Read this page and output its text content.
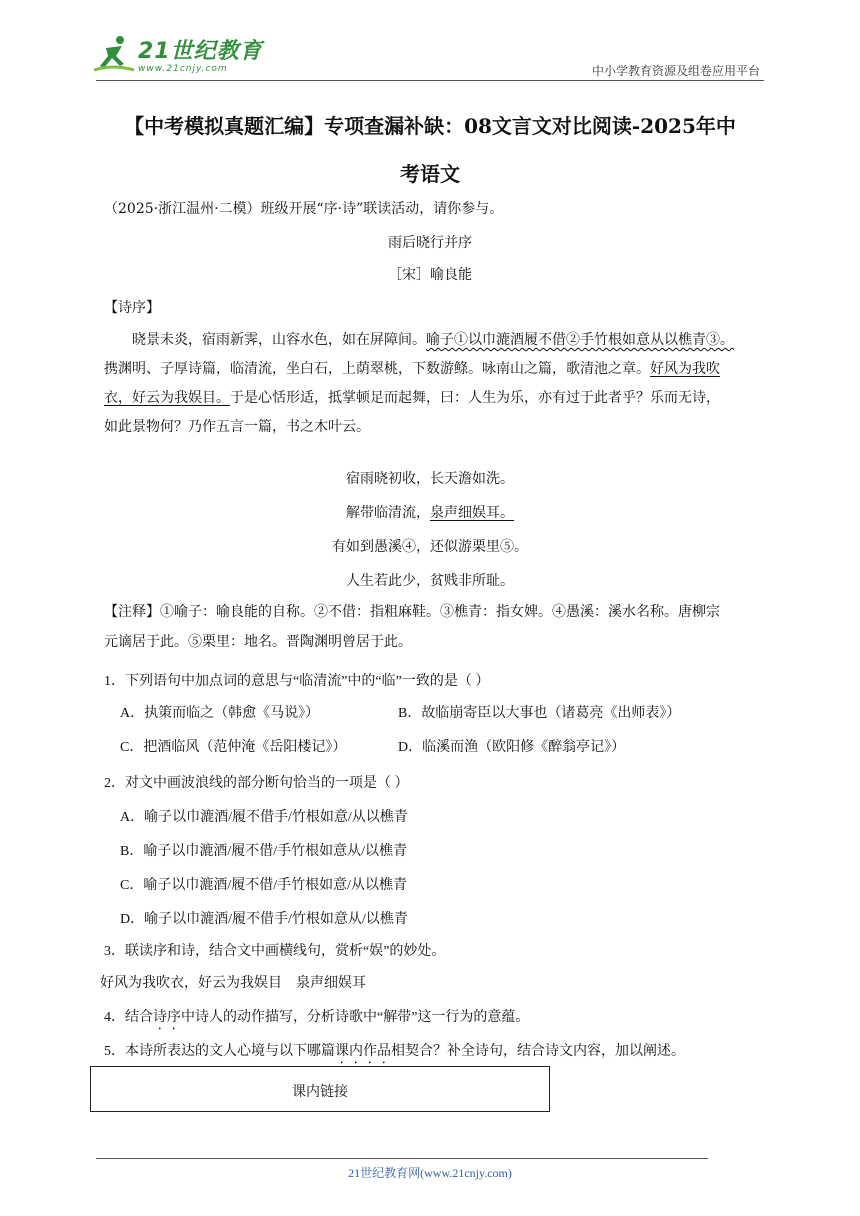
21世纪教育
www.21cnjy.com	中小学教育资源及组卷应用平台
【中考模拟真题汇编】专项查漏补缺：08文言文对比阅读-2025年中
考语文
（2025·浙江温州·二模）班级开展“序·诗”联读活动，请你参与。
雨后晓行并序
［宋］喻良能
【诗序】
晓景未炎，宿雨新霁，山容水色，如在屏障间。喻子①以巾漉酒履不借②手竹根如意从以樵青③。
携渊明、子厚诗篇，临清流，坐白石，上荫翠桃，下数游鲦。咏南山之篇，歌清池之章。好风为我吹
衣，好云为我娱目。于是心恬形适，抵掌顿足而起舞，曰：人生为乐，亦有过于此者乎？乐而无诗，
如此景物何？乃作五言一篇，书之木叶云。
宿雨晓初收，长天澹如洗。
解带临清流，泉声细娱耳。
有如到愚溪④，还似游栗里⑤。
人生若此少，贫贱非所耻。
【注释】①喻子：喻良能的自称。②不借：指粗麻鞋。③樵青：指女婢。④愚溪：溪水名称。唐柳宗
元谪居于此。⑤栗里：地名。晋陶渊明曾居于此。
1．下列语句中加点词的意思与“临清流”中的“临”一致的是（ ）
A．执策而临之（韩愈《马说》）	B．故临崩寄臣以大事也（诸葛亮《出师表》）
C．把酒临风（范仲淹《岳阳楼记》）	D．临溪而渔（欧阳修《醉翁亭记》）
2．对文中画波浪线的部分断句恰当的一项是（ ）
A．喻子以巾漉酒/履不借手/竹根如意/从以樵青
B．喻子以巾漉酒/履不借/手竹根如意从/以樵青
C．喻子以巾漉酒/履不借/手竹根如意/从以樵青
D．喻子以巾漉酒/履不借手/竹根如意从/以樵青
3．联读序和诗，结合文中画横线句，赏析“娱”的妙处。
好风为我吹衣，好云为我娱目    泉声细娱耳
4．结合诗序中诗人的动作描写，分析诗歌中“解带”这一行为的意蕴。
5．本诗所表达的文人心境与以下哪篇课内作品相契合？补全诗句，结合诗文内容，加以阐述。
课内链接
21世纪教育网(www.21cnjy.com)
